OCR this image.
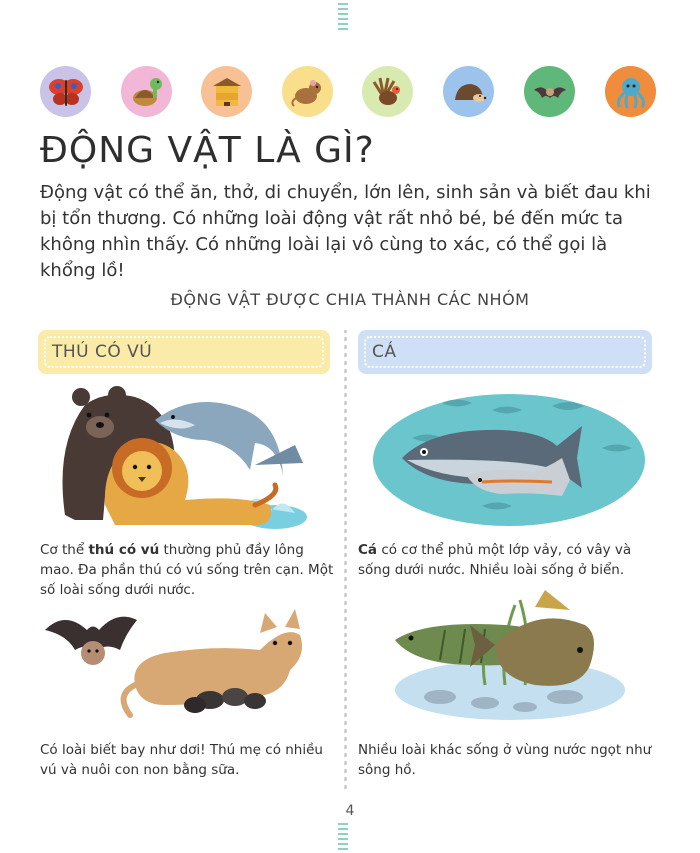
ĐỘNG VẬT LÀ GÌ?

Động vật có thể ăn, thở, di chuyển, lớn lên, sinh sản và biết đau khi bị tổn thương. Có những loài động vật rất nhỏ bé, bé đến mức ta không nhìn thấy. Có những loài lại vô cùng to xác, có thể gọi là khổng lồ!

ĐỘNG VẬT ĐƯỢC CHIA THÀNH CÁC NHÓM
THÚ CÓ VÚ	CÁ

Cơ thể thú có vú thường phủ đầy lông mao. Đa phần thú có vú sống trên cạn. Một số loài sống dưới nước.

Có loài biết bay như dơi! Thú mẹ có nhiều vú và nuôi con non bằng sữa.

Cá có cơ thể phủ một lớp vảy, có vây và sống dưới nước. Nhiều loài sống ở biển.

Nhiều loài khác sống ở vùng nước ngọt như sông hồ.

4
